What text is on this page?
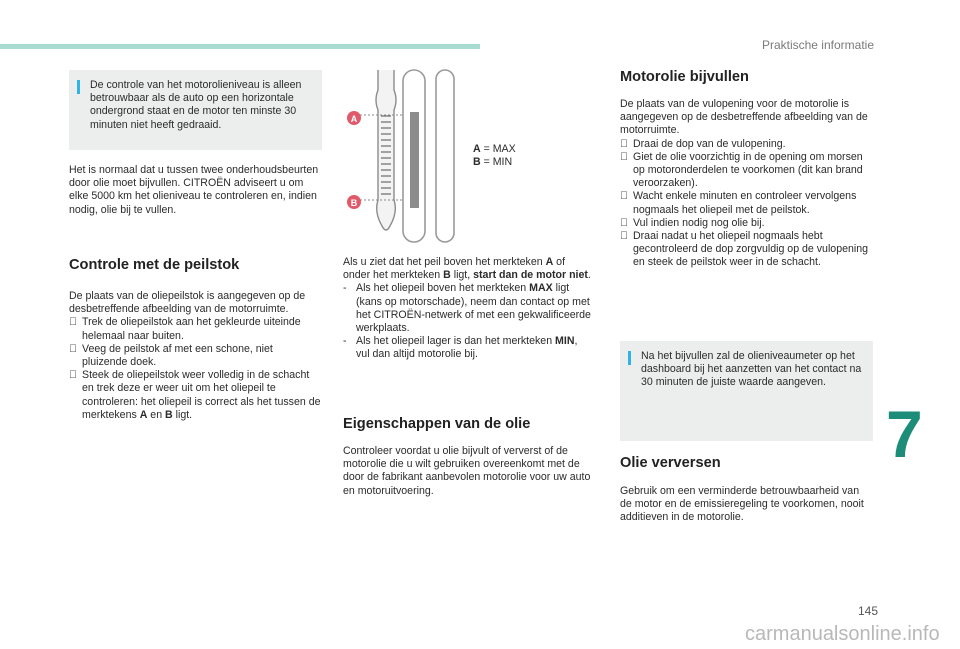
Praktische informatie
De controle van het motorolieniveau is alleen betrouwbaar als de auto op een horizontale ondergrond staat en de motor ten minste 30 minuten niet heeft gedraaid.

Het is normaal dat u tussen twee onderhoudsbeurten door olie moet bijvullen. CITROËN adviseert u om elke 5000 km het olieniveau te controleren en, indien nodig, olie bij te vullen.

Controle met de peilstok
De plaats van de oliepeilstok is aangegeven op de desbetreffende afbeelding van de motorruimte.
Trek de oliepeilstok aan het gekleurde uiteinde helemaal naar buiten.
Veeg de peilstok af met een schone, niet pluizende doek.
Steek de oliepeilstok weer volledig in de schacht en trek deze er weer uit om het oliepeil te controleren: het oliepeil is correct als het tussen de merktekens A en B ligt.
A
B
A = MAX
B = MIN
Als u ziet dat het peil boven het merkteken A of onder het merkteken B ligt, start dan de motor niet.
- Als het oliepeil boven het merkteken MAX ligt (kans op motorschade), neem dan contact op met het CITROËN-netwerk of met een gekwalificeerde werkplaats.
- Als het oliepeil lager is dan het merkteken MIN, vul dan altijd motorolie bij.
Eigenschappen van de olie

Controleer voordat u olie bijvult of ververst of de motorolie die u wilt gebruiken overeenkomt met de door de fabrikant aanbevolen motorolie voor uw auto en motoruitvoering.

Motorolie bijvullen
De plaats van de vulopening voor de motorolie is aangegeven op de desbetreffende afbeelding van de motorruimte.
Draai de dop van de vulopening.
Giet de olie voorzichtig in de opening om morsen op motoronderdelen te voorkomen (dit kan brand veroorzaken).
Wacht enkele minuten en controleer vervolgens nogmaals het oliepeil met de peilstok.
Vul indien nodig nog olie bij.
Draai nadat u het oliepeil nogmaals hebt gecontroleerd de dop zorgvuldig op de vulopening en steek de peilstok weer in de schacht.
Na het bijvullen zal de olieniveaumeter op het dashboard bij het aanzetten van het contact na 30 minuten de juiste waarde aangeven.
Olie verversen

Gebruik om een verminderde betrouwbaarheid van de motor en de emissieregeling te voorkomen, nooit additieven in de motorolie.

7
145
carmanualsonline.info
